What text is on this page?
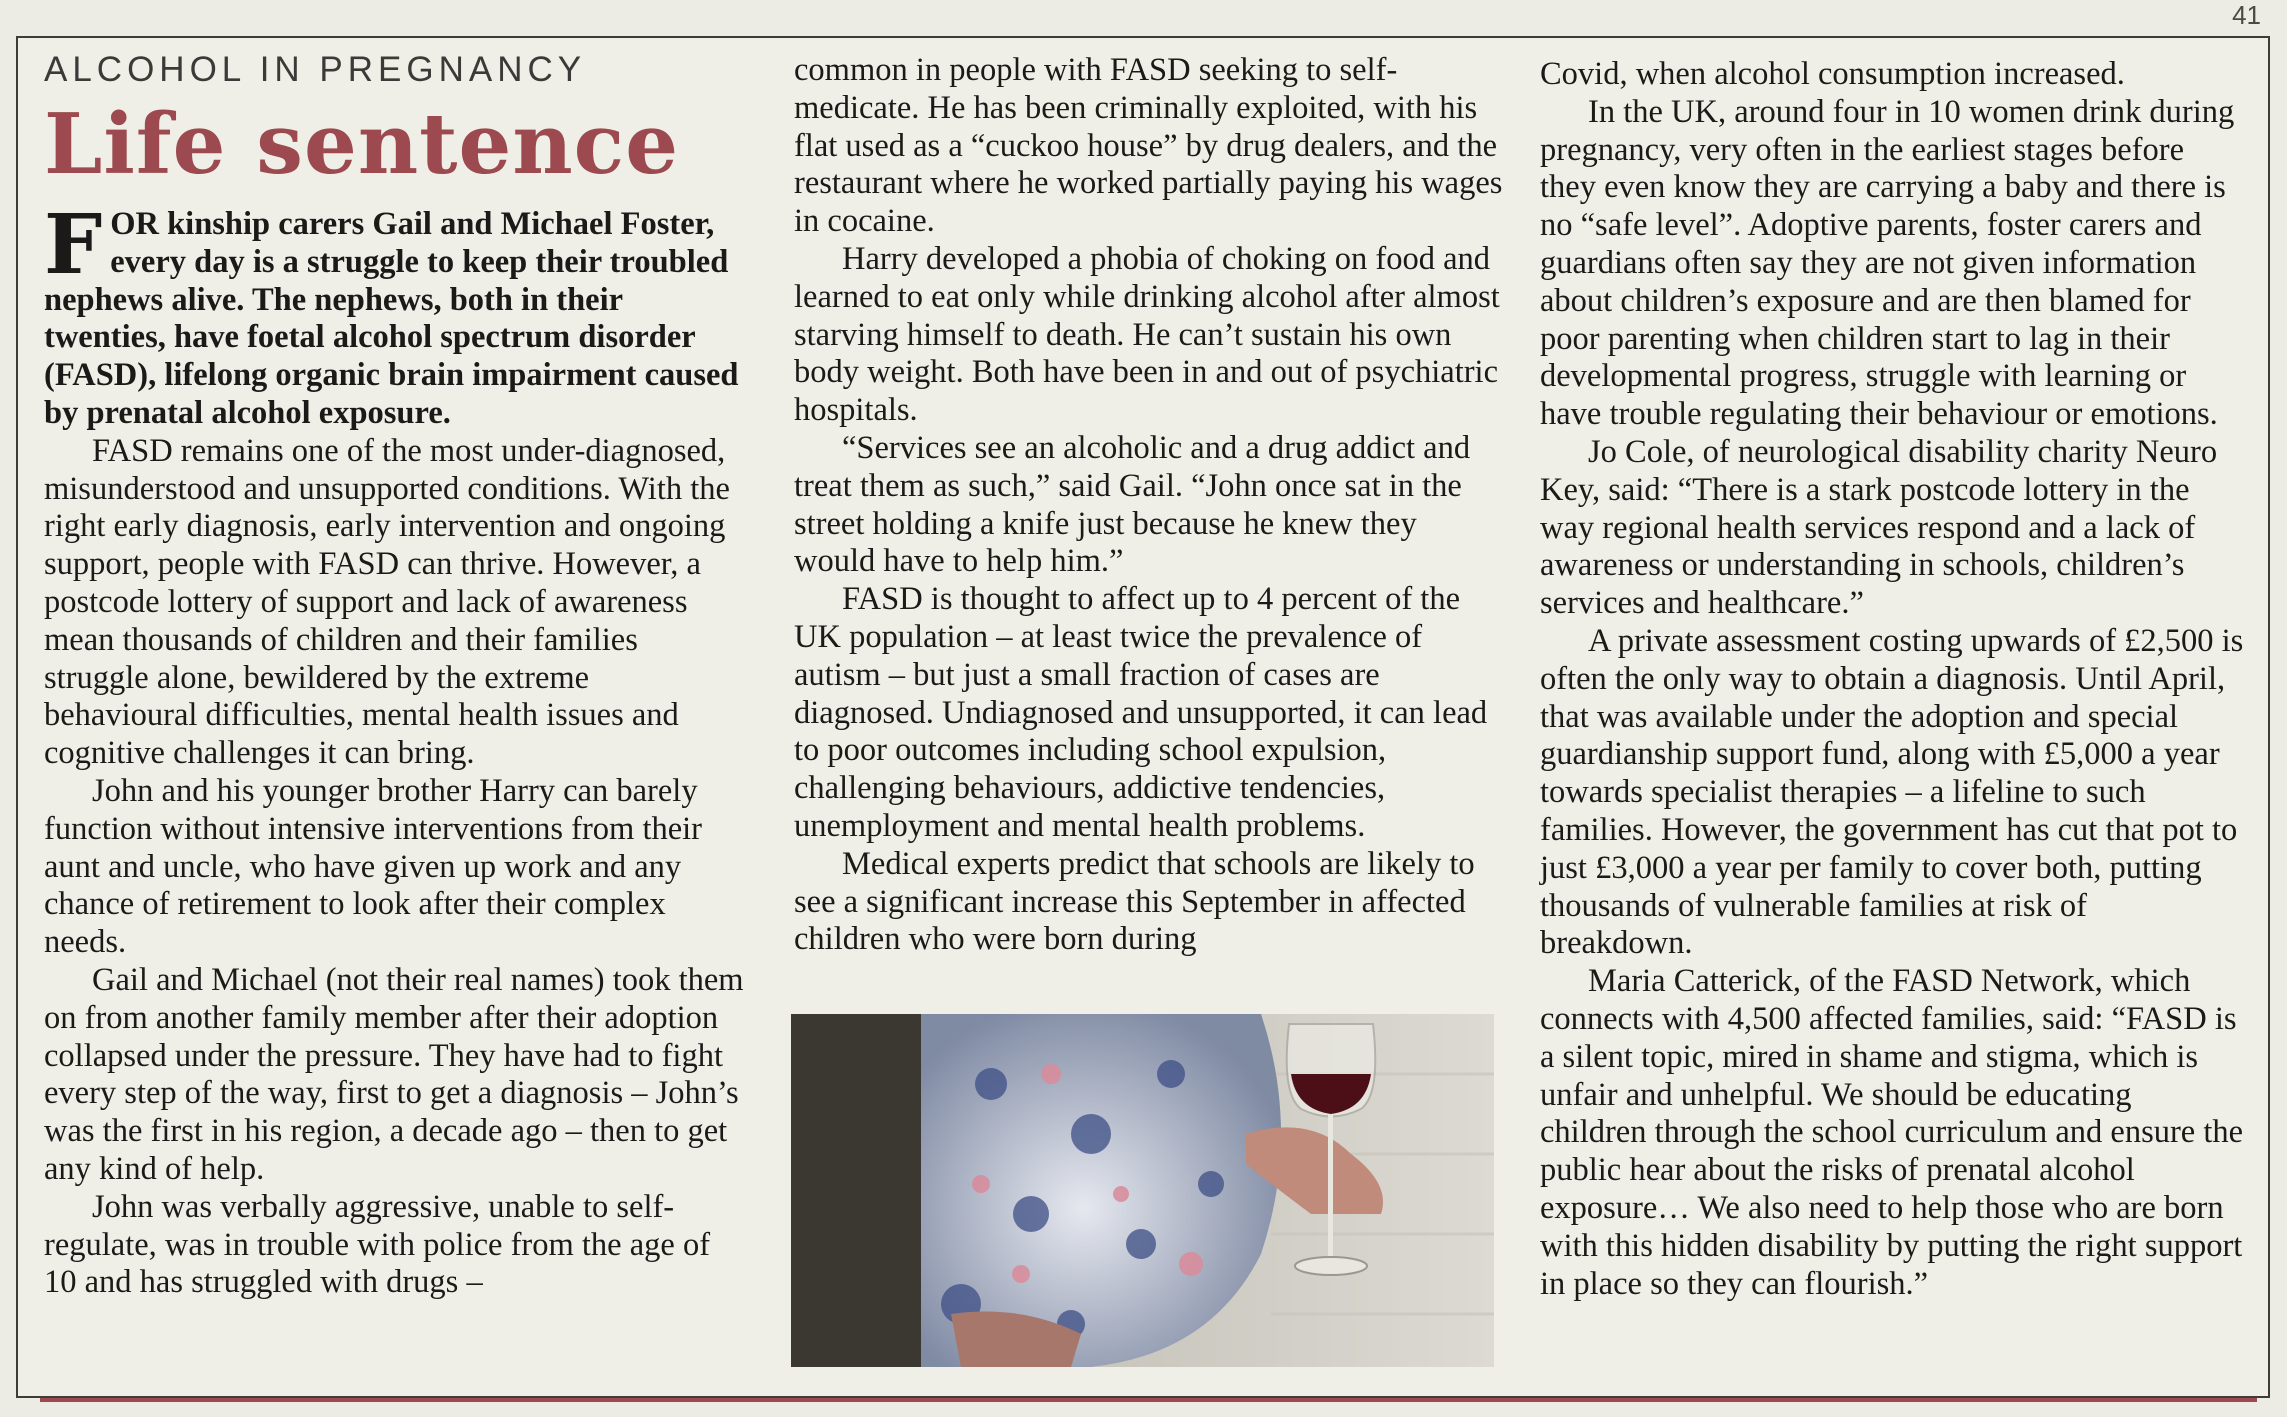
41
ALCOHOL IN PREGNANCY
Life sentence

FOR kinship carers Gail and Michael Foster, every day is a struggle to keep their troubled nephews alive. The nephews, both in their twenties, have foetal alcohol spectrum disorder (FASD), lifelong organic brain impairment caused by prenatal alcohol exposure.

FASD remains one of the most under-diagnosed, misunderstood and unsupported conditions. With the right early diagnosis, early intervention and ongoing support, people with FASD can thrive. However, a postcode lottery of support and lack of awareness mean thousands of children and their families struggle alone, bewildered by the extreme behavioural difficulties, mental health issues and cognitive challenges it can bring.

John and his younger brother Harry can barely function without intensive interventions from their aunt and uncle, who have given up work and any chance of retirement to look after their complex needs.

Gail and Michael (not their real names) took them on from another family member after their adoption collapsed under the pressure. They have had to fight every step of the way, first to get a diagnosis – John’s was the first in his region, a decade ago – then to get any kind of help.

John was verbally aggressive, unable to self-regulate, was in trouble with police from the age of 10 and has struggled with drugs –

common in people with FASD seeking to self-medicate. He has been criminally exploited, with his flat used as a “cuckoo house” by drug dealers, and the restaurant where he worked partially paying his wages in cocaine.

Harry developed a phobia of choking on food and learned to eat only while drinking alcohol after almost starving himself to death. He can’t sustain his own body weight. Both have been in and out of psychiatric hospitals.

“Services see an alcoholic and a drug addict and treat them as such,” said Gail. “John once sat in the street holding a knife just because he knew they would have to help him.”

FASD is thought to affect up to 4 percent of the UK population – at least twice the prevalence of autism – but just a small fraction of cases are diagnosed. Undiagnosed and unsupported, it can lead to poor outcomes including school expulsion, challenging behaviours, addictive tendencies, unemployment and mental health problems.

Medical experts predict that schools are likely to see a significant increase this September in affected children who were born during

Covid, when alcohol consumption increased.

In the UK, around four in 10 women drink during pregnancy, very often in the earliest stages before they even know they are carrying a baby and there is no “safe level”. Adoptive parents, foster carers and guardians often say they are not given information about children’s exposure and are then blamed for poor parenting when children start to lag in their developmental progress, struggle with learning or have trouble regulating their behaviour or emotions.

Jo Cole, of neurological disability charity Neuro Key, said: “There is a stark postcode lottery in the way regional health services respond and a lack of awareness or understanding in schools, children’s services and healthcare.”

A private assessment costing upwards of £2,500 is often the only way to obtain a diagnosis. Until April, that was available under the adoption and special guardianship support fund, along with £5,000 a year towards specialist therapies – a lifeline to such families. However, the government has cut that pot to just £3,000 a year per family to cover both, putting thousands of vulnerable families at risk of breakdown.

Maria Catterick, of the FASD Network, which connects with 4,500 affected families, said: “FASD is a silent topic, mired in shame and stigma, which is unfair and unhelpful. We should be educating children through the school curriculum and ensure the public hear about the risks of prenatal alcohol exposure… We also need to help those who are born with this hidden disability by putting the right support in place so they can flourish.”
